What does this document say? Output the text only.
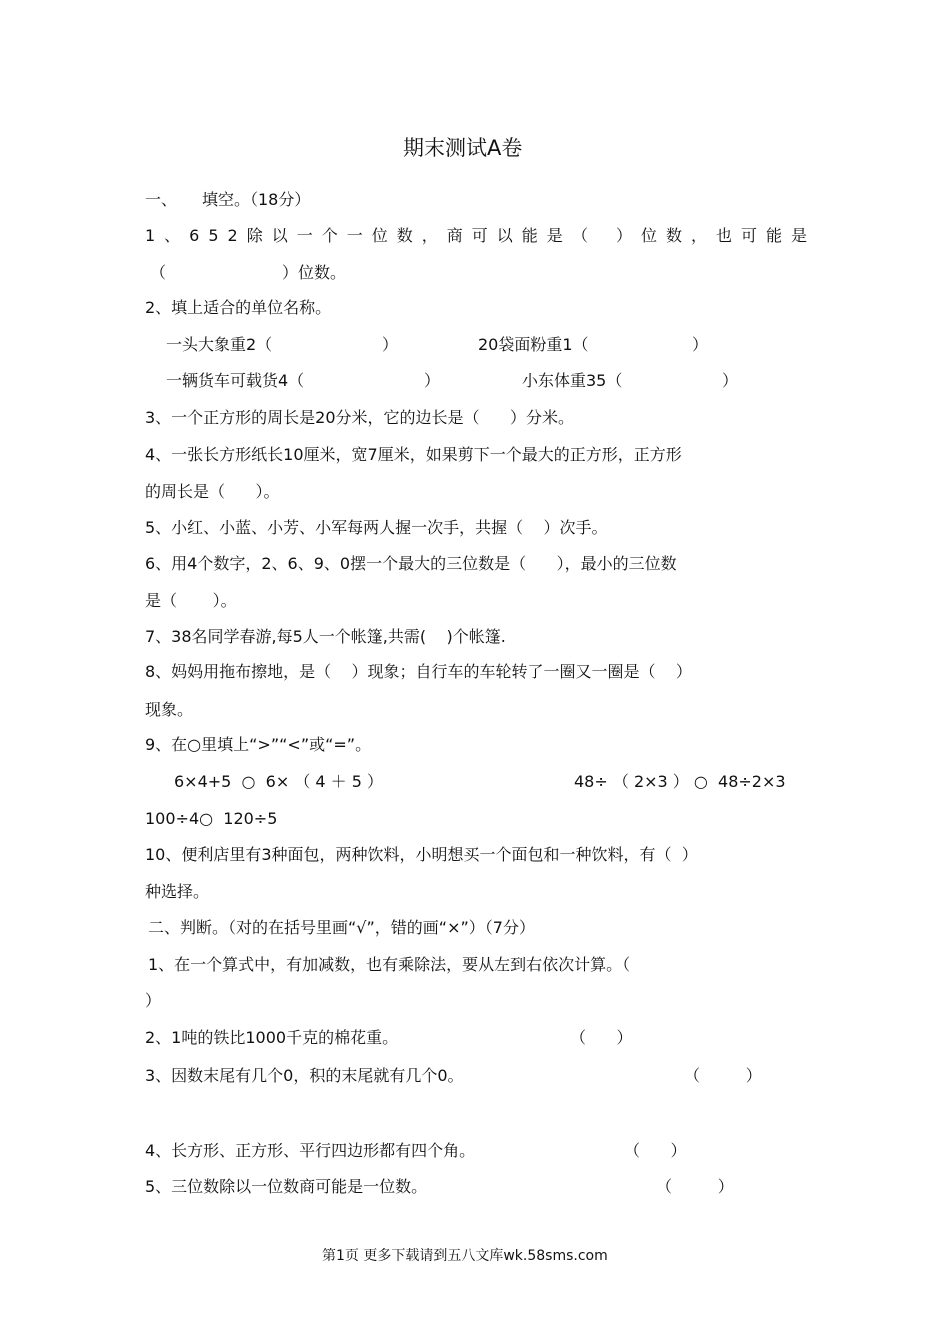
期末测试A卷
一、 填空。（18分）
1、652除以一个一位数，商可以能是 （ ）位数，也可能是
（	）位数。
2、填上适合的单位名称。
一头大象重2（	）	20袋面粉重1（	）
一辆货车可载货4（	）	小东体重35（	）
3、一个正方形的周长是20分米，它的边长是（      ）分米。
4、一张长方形纸长10厘米，宽7厘米，如果剪下一个最大的正方形，正方形
的周长是（      ）。
5、小红、小蓝、小芳、小军每两人握一次手，共握（    ）次手。
6、用4个数字，2、6、9、0摆一个最大的三位数是（      ），最小的三位数
是（       ）。
7、38名同学春游,每5人一个帐篷,共需(    )个帐篷.
8、妈妈用拖布擦地，是（    ）现象；自行车的车轮转了一圈又一圈是（    ）
现象。
9、在○里填上“>”“<”或“=”。
6×4+5  ○  6× （ 4 ＋ 5 ）	48÷ （ 2×3 ） ○  48÷2×3
100÷4○  120÷5
10、便利店里有3种面包，两种饮料，小明想买一个面包和一种饮料，有（  ）
种选择。
二、判断。（对的在括号里画“√”，错的画“×”）（7分）
1、在一个算式中，有加减数，也有乘除法，要从左到右依次计算。（
）
2、1吨的铁比1000千克的棉花重。	（      ）
3、因数末尾有几个0，积的末尾就有几个0。	（         ）
4、长方形、正方形、平行四边形都有四个角。	（      ）
5、三位数除以一位数商可能是一位数。	（         ）
第1页 更多下载请到五八文库wk.58sms.com
